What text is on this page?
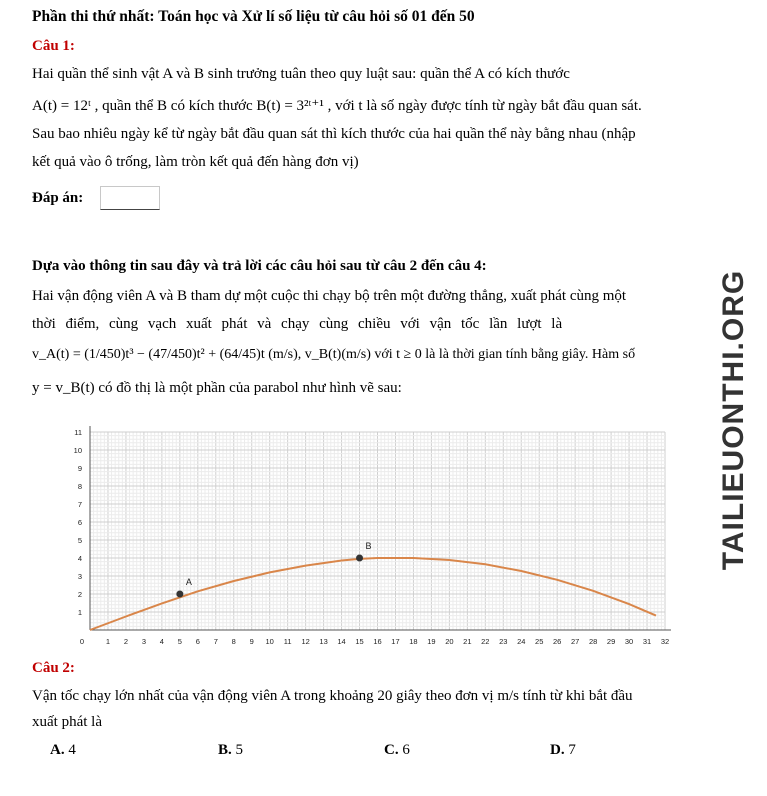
Phần thi thứ nhất: Toán học và Xử lí số liệu từ câu hỏi số 01 đến 50
Câu 1:
Hai quần thể sinh vật A và B sinh trưởng tuân theo quy luật sau: quần thể A có kích thước
A(t) = 12ᵗ , quần thể B có kích thước B(t) = 3²ᵗ⁺¹ , với t là số ngày được tính từ ngày bắt đầu quan sát.
Sau bao nhiêu ngày kể từ ngày bắt đầu quan sát thì kích thước của hai quần thể này bằng nhau (nhập
kết quả vào ô trống, làm tròn kết quả đến hàng đơn vị)
Đáp án:
Dựa vào thông tin sau đây và trả lời các câu hỏi sau từ câu 2 đến câu 4:
Hai vận động viên A và B tham dự một cuộc thi chạy bộ trên một đường thẳng, xuất phát cùng một
thời điểm, cùng vạch xuất phát và chạy cùng chiều với vận tốc lần lượt là
v_A(t) = (1/450)t³ − (47/450)t² + (64/45)t (m/s), v_B(t)(m/s) với t ≥ 0 là là thời gian tính bằng giây. Hàm số
y = v_B(t) có đồ thị là một phần của parabol như hình vẽ sau:	TAILIEUONTHI.ORG
0	1 2 3 4 5 6 7 8 9 10 11 12 13 14 15 16 17 18 19 20 21 22 23 24 25 26 27 28 29 30 31 32
1
2
3
4
5
6
7
8
9
10
11
A
B
Câu 2:
Vận tốc chạy lớn nhất của vận động viên A trong khoảng 20 giây theo đơn vị m/s tính từ khi bắt đầu
xuất phát là
A. 4	B. 5	C. 6	D. 7
